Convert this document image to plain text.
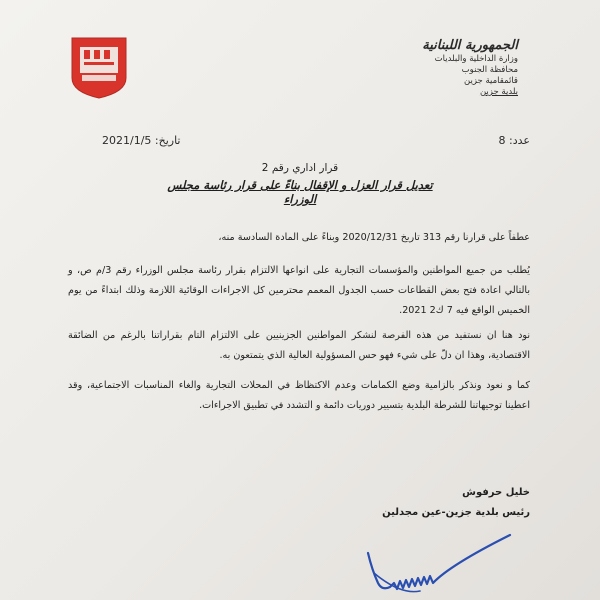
الجمهورية اللبنانية
وزارة الداخلية والبلديات
محافظة الجنوب
قائمقامية جزين
بلدية جزين
عدد: 8
تاريخ: 2021/1/5
قرار اداري رقم 2
تعديل قرار العزل و الإقفال بناءً على قرار رئاسة مجلس الوزراء
عطفاً على قرارنا رقم 313 تاريخ 2020/12/31 وبناءً على المادة السادسة منه،
يُطلب من جميع المواطنين والمؤسسات التجارية على انواعها الالتزام بقرار رئاسة مجلس الوزراء رقم 3/م ص، و بالتالي اعادة فتح بعض القطاعات حسب الجدول المعمم محترمين كل الاجراءات الوقائية اللازمة وذلك ابتداءً من يوم الخميس الواقع فيه 7 ك2 2021.
نود هنا ان نستفيد من هذه الفرصة لنشكر المواطنين الجزينيين على الالتزام التام بقراراتنا بالرغم من الضائقة الاقتصادية، وهذا ان دلّ على شيء فهو حس المسؤولية العالية الذي يتمتعون به.
كما و نعود ونذكر بالزامية وضع الكمامات وعدم الاكتظاظ في المحلات التجارية والغاء المناسبات الاجتماعية، وقد اعطينا توجيهاتنا للشرطة البلدية بتسيير دوريات دائمة و التشدد في تطبيق الاجراءات.
خليل حرفوش
رئيس بلدية جزين-عين مجدلين
